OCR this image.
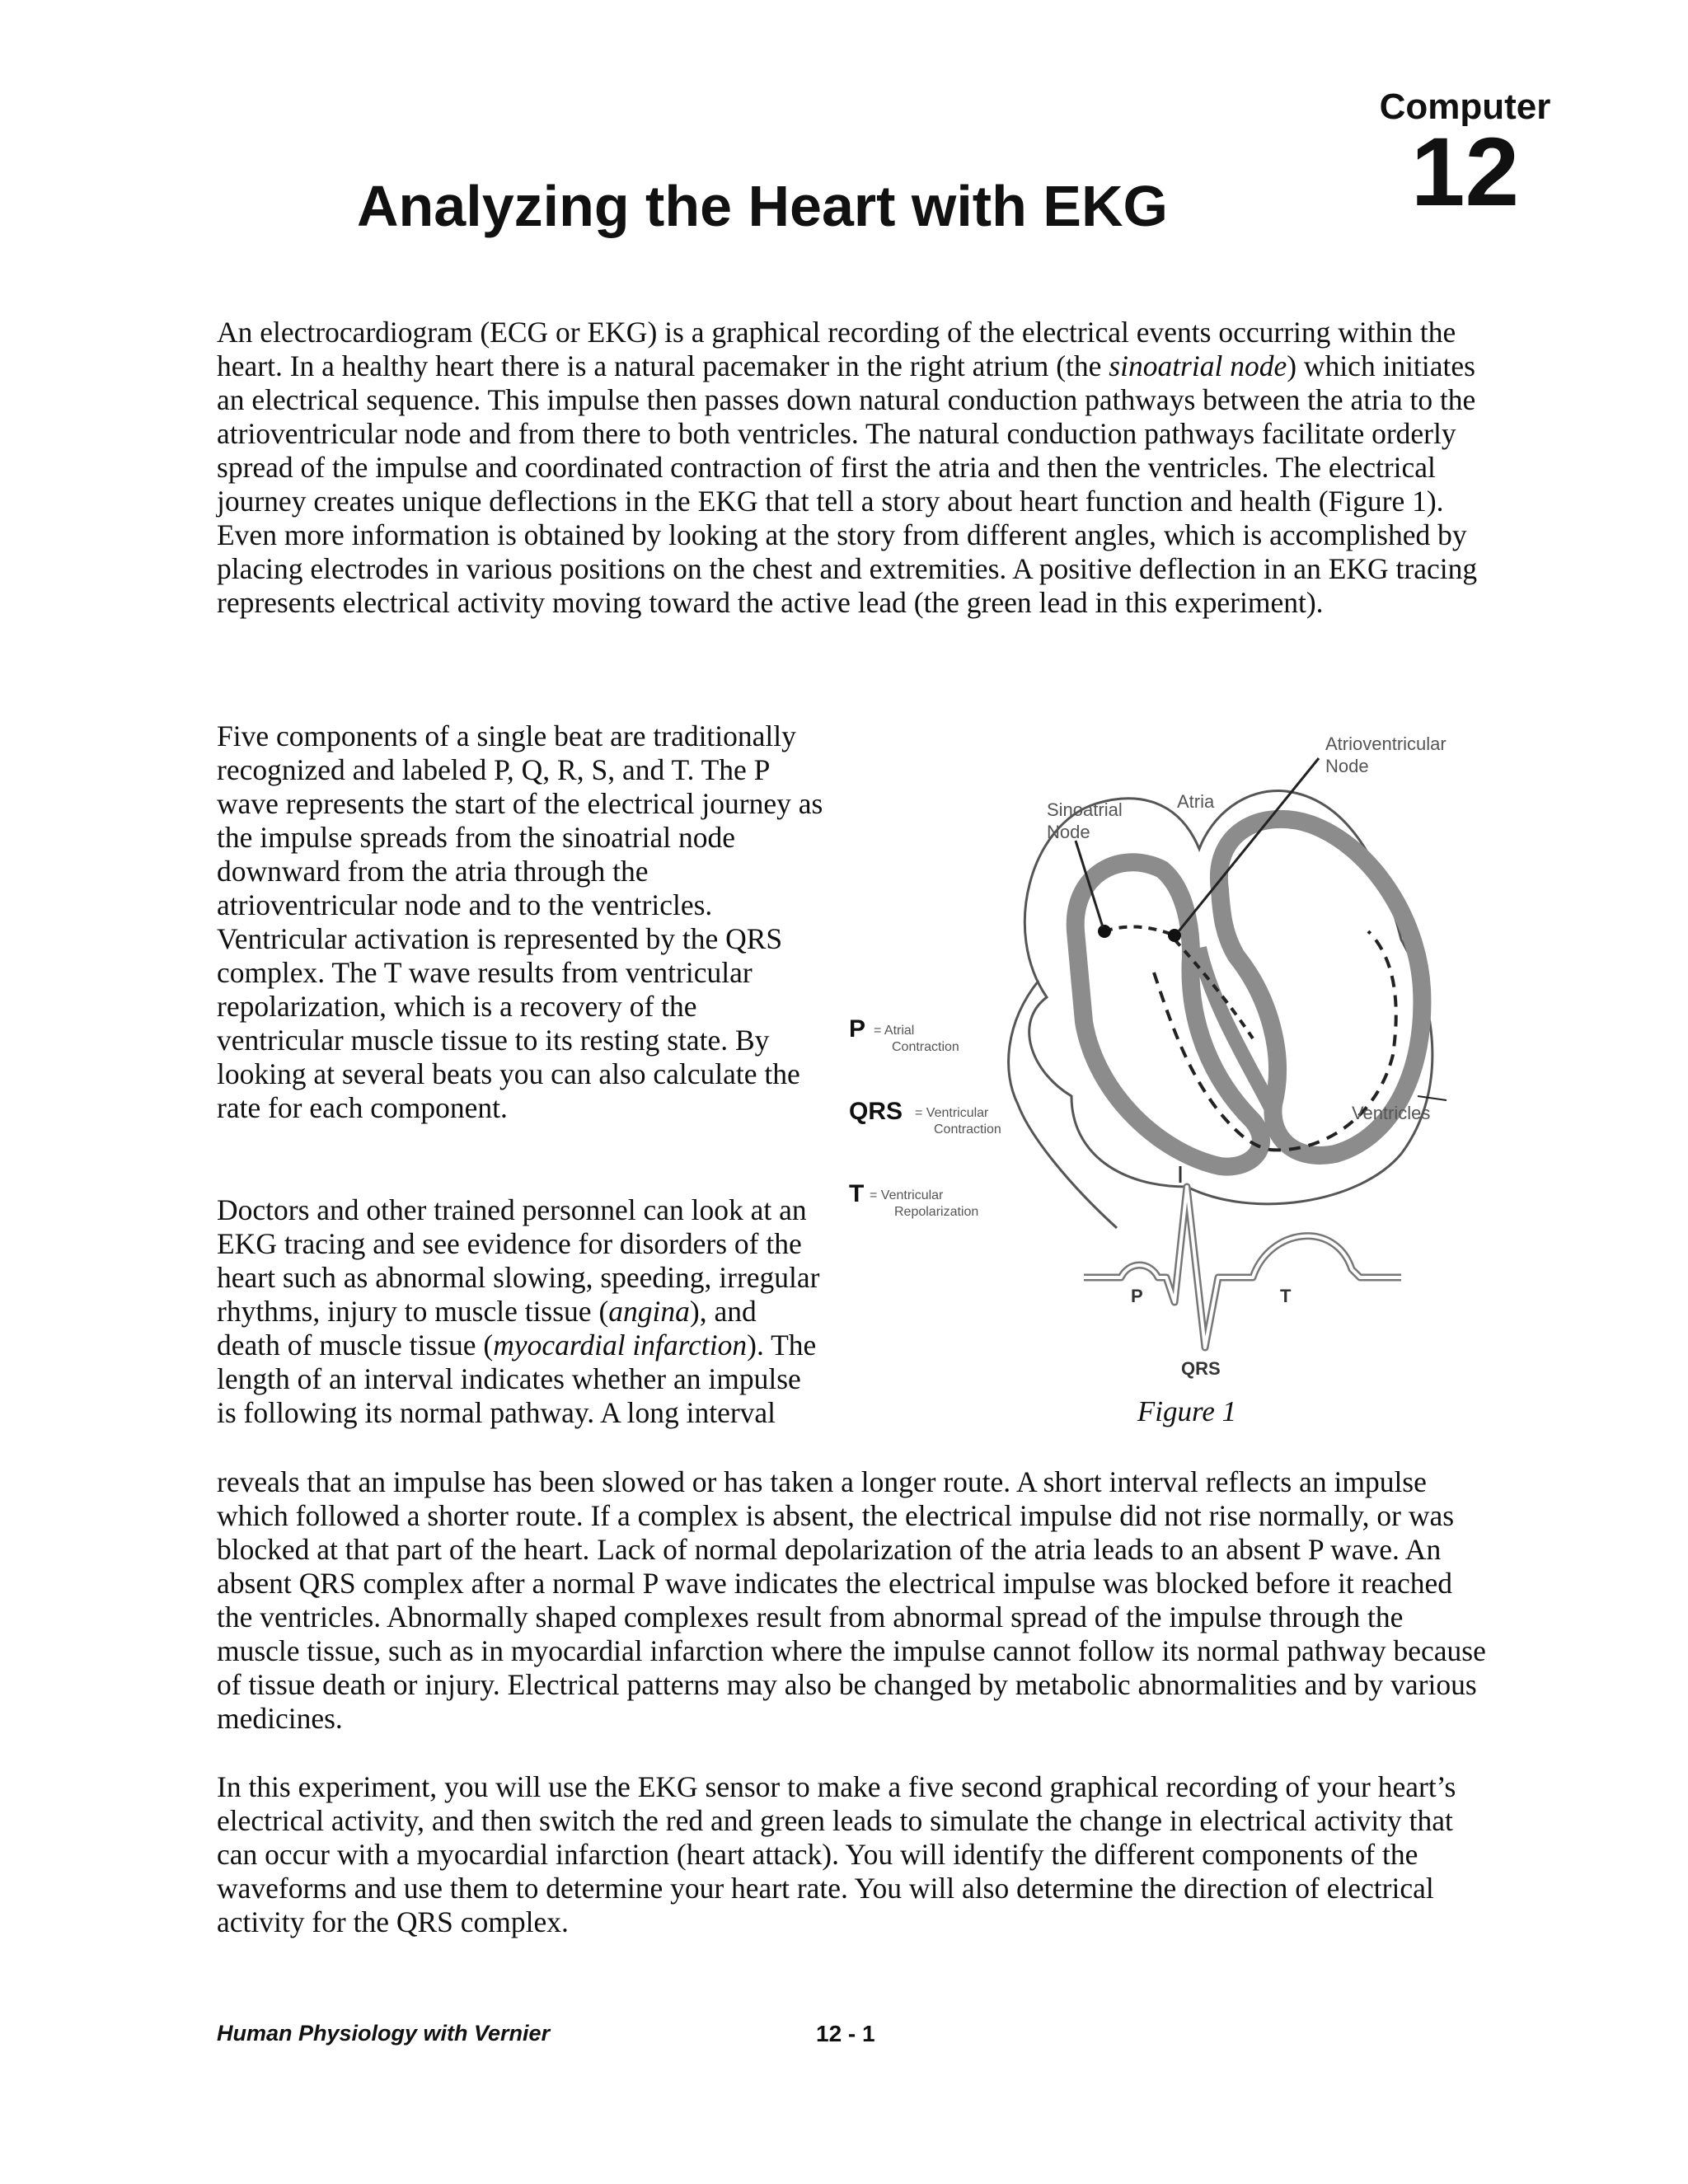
Computer
12
Analyzing the Heart with EKG

An electrocardiogram (ECG or EKG) is a graphical recording of the electrical events occurring within the heart. In a healthy heart there is a natural pacemaker in the right atrium (the sinoatrial node) which initiates an electrical sequence. This impulse then passes down natural conduction pathways between the atria to the atrioventricular node and from there to both ventricles. The natural conduction pathways facilitate orderly spread of the impulse and coordinated contraction of first the atria and then the ventricles. The electrical journey creates unique deflections in the EKG that tell a story about heart function and health (Figure 1). Even more information is obtained by looking at the story from different angles, which is accomplished by placing electrodes in various positions on the chest and extremities. A positive deflection in an EKG tracing represents electrical activity moving toward the active lead (the green lead in this experiment).

Five components of a single beat are traditionally recognized and labeled P, Q, R, S, and T. The P wave represents the start of the electrical journey as the impulse spreads from the sinoatrial node downward from the atria through the atrioventricular node and to the ventricles. Ventricular activation is represented by the QRS complex. The T wave results from ventricular repolarization, which is a recovery of the ventricular muscle tissue to its resting state. By looking at several beats you can also calculate the rate for each component.

Doctors and other trained personnel can look at an EKG tracing and see evidence for disorders of the heart such as abnormal slowing, speeding, irregular rhythms, injury to muscle tissue (angina), and death of muscle tissue (myocardial infarction). The length of an interval indicates whether an impulse is following its normal pathway. A long interval

reveals that an impulse has been slowed or has taken a longer route. A short interval reflects an impulse which followed a shorter route. If a complex is absent, the electrical impulse did not rise normally, or was blocked at that part of the heart. Lack of normal depolarization of the atria leads to an absent P wave. An absent QRS complex after a normal P wave indicates the electrical impulse was blocked before it reached the ventricles. Abnormally shaped complexes result from abnormal spread of the impulse through the muscle tissue, such as in myocardial infarction where the impulse cannot follow its normal pathway because of tissue death or injury. Electrical patterns may also be changed by metabolic abnormalities and by various medicines.

In this experiment, you will use the EKG sensor to make a five second graphical recording of your heart’s electrical activity, and then switch the red and green leads to simulate the change in electrical activity that can occur with a myocardial infarction (heart attack). You will identify the different components of the waveforms and use them to determine your heart rate. You will also determine the direction of electrical activity for the QRS complex.

Atrioventricular
Node
Atria
Sinoatrial
Node
Ventricles
P = Atrial
Contraction
QRS = Ventricular
Contraction
T = Ventricular
Repolarization
P	T
QRS

Figure 1

Human Physiology with Vernier	12 - 1
